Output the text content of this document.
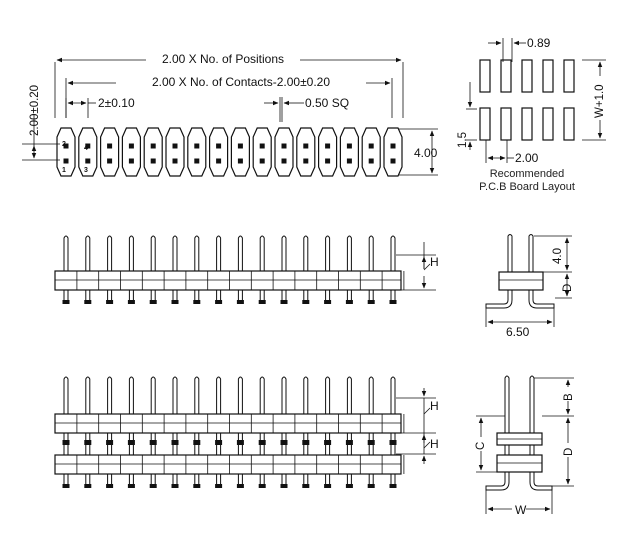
2.00 X No. of Positions
2.00 X No. of Contacts-2.00±0.20
2±0.10	0.50 SQ
2.00±0.20
4.00
2
4
1	3
0.89
1.5
W+1.0
2.00
Recommended
P.C.B Board Layout
H	4.0
D
6.50
H
H
B
D
C
W
